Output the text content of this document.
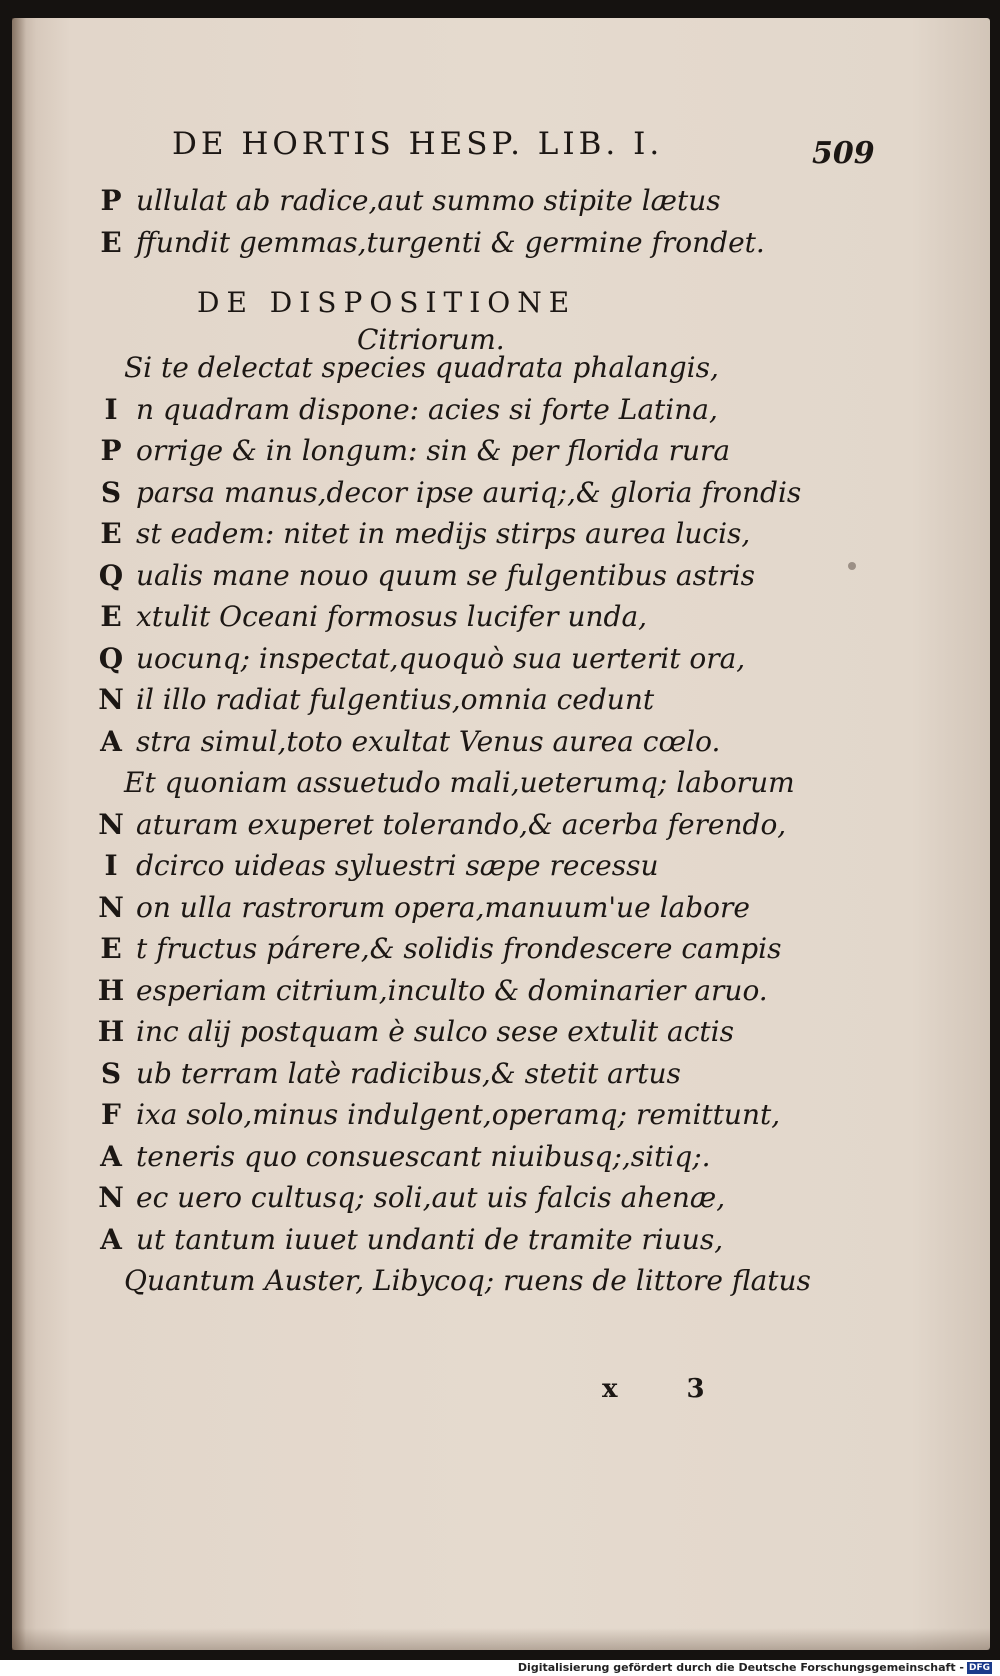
DE HORTIS HESP. LIB. I.	509
P ullulat ab radice,aut summo stipite lætus
E ffundit gemmas,turgenti & germine frondet.
DE DISPOSITIONE
Citriorum.
Si te delectat species quadrata phalangis,
I n quadram dispone: acies si forte Latina,
P orrige & in longum: sin & per florida rura
S parsa manus,decor ipse auriq;,& gloria frondis
E st eadem: nitet in medijs stirps aurea lucis,
Q ualis mane nouo quum se fulgentibus astris
E xtulit Oceani formosus lucifer unda,
Q uocunq; inspectat,quoquò sua uerterit ora,
N il illo radiat fulgentius,omnia cedunt
A stra simul,toto exultat Venus aurea cœlo.
Et quoniam assuetudo mali,ueterumq; laborum
N aturam exuperet tolerando,& acerba ferendo,
I dcirco uideas syluestri sæpe recessu
N on ulla rastrorum opera,manuum'ue labore
E t fructus párere,& solidis frondescere campis
H esperiam citrium,inculto & dominarier aruo.
H inc alij postquam è sulco sese extulit actis
S ub terram latè radicibus,& stetit artus
F ixa solo,minus indulgent,operamq; remittunt,
A teneris quo consuescant niuibusq;,sitiq;.
N ec uero cultusq; soli,aut uis falcis ahenæ,
A ut tantum iuuet undanti de tramite riuus,
Quantum Auster, Libycoq; ruens de littore flatus
x 3
Digitalisierung gefördert durch die Deutsche Forschungsgemeinschaft - DFG
